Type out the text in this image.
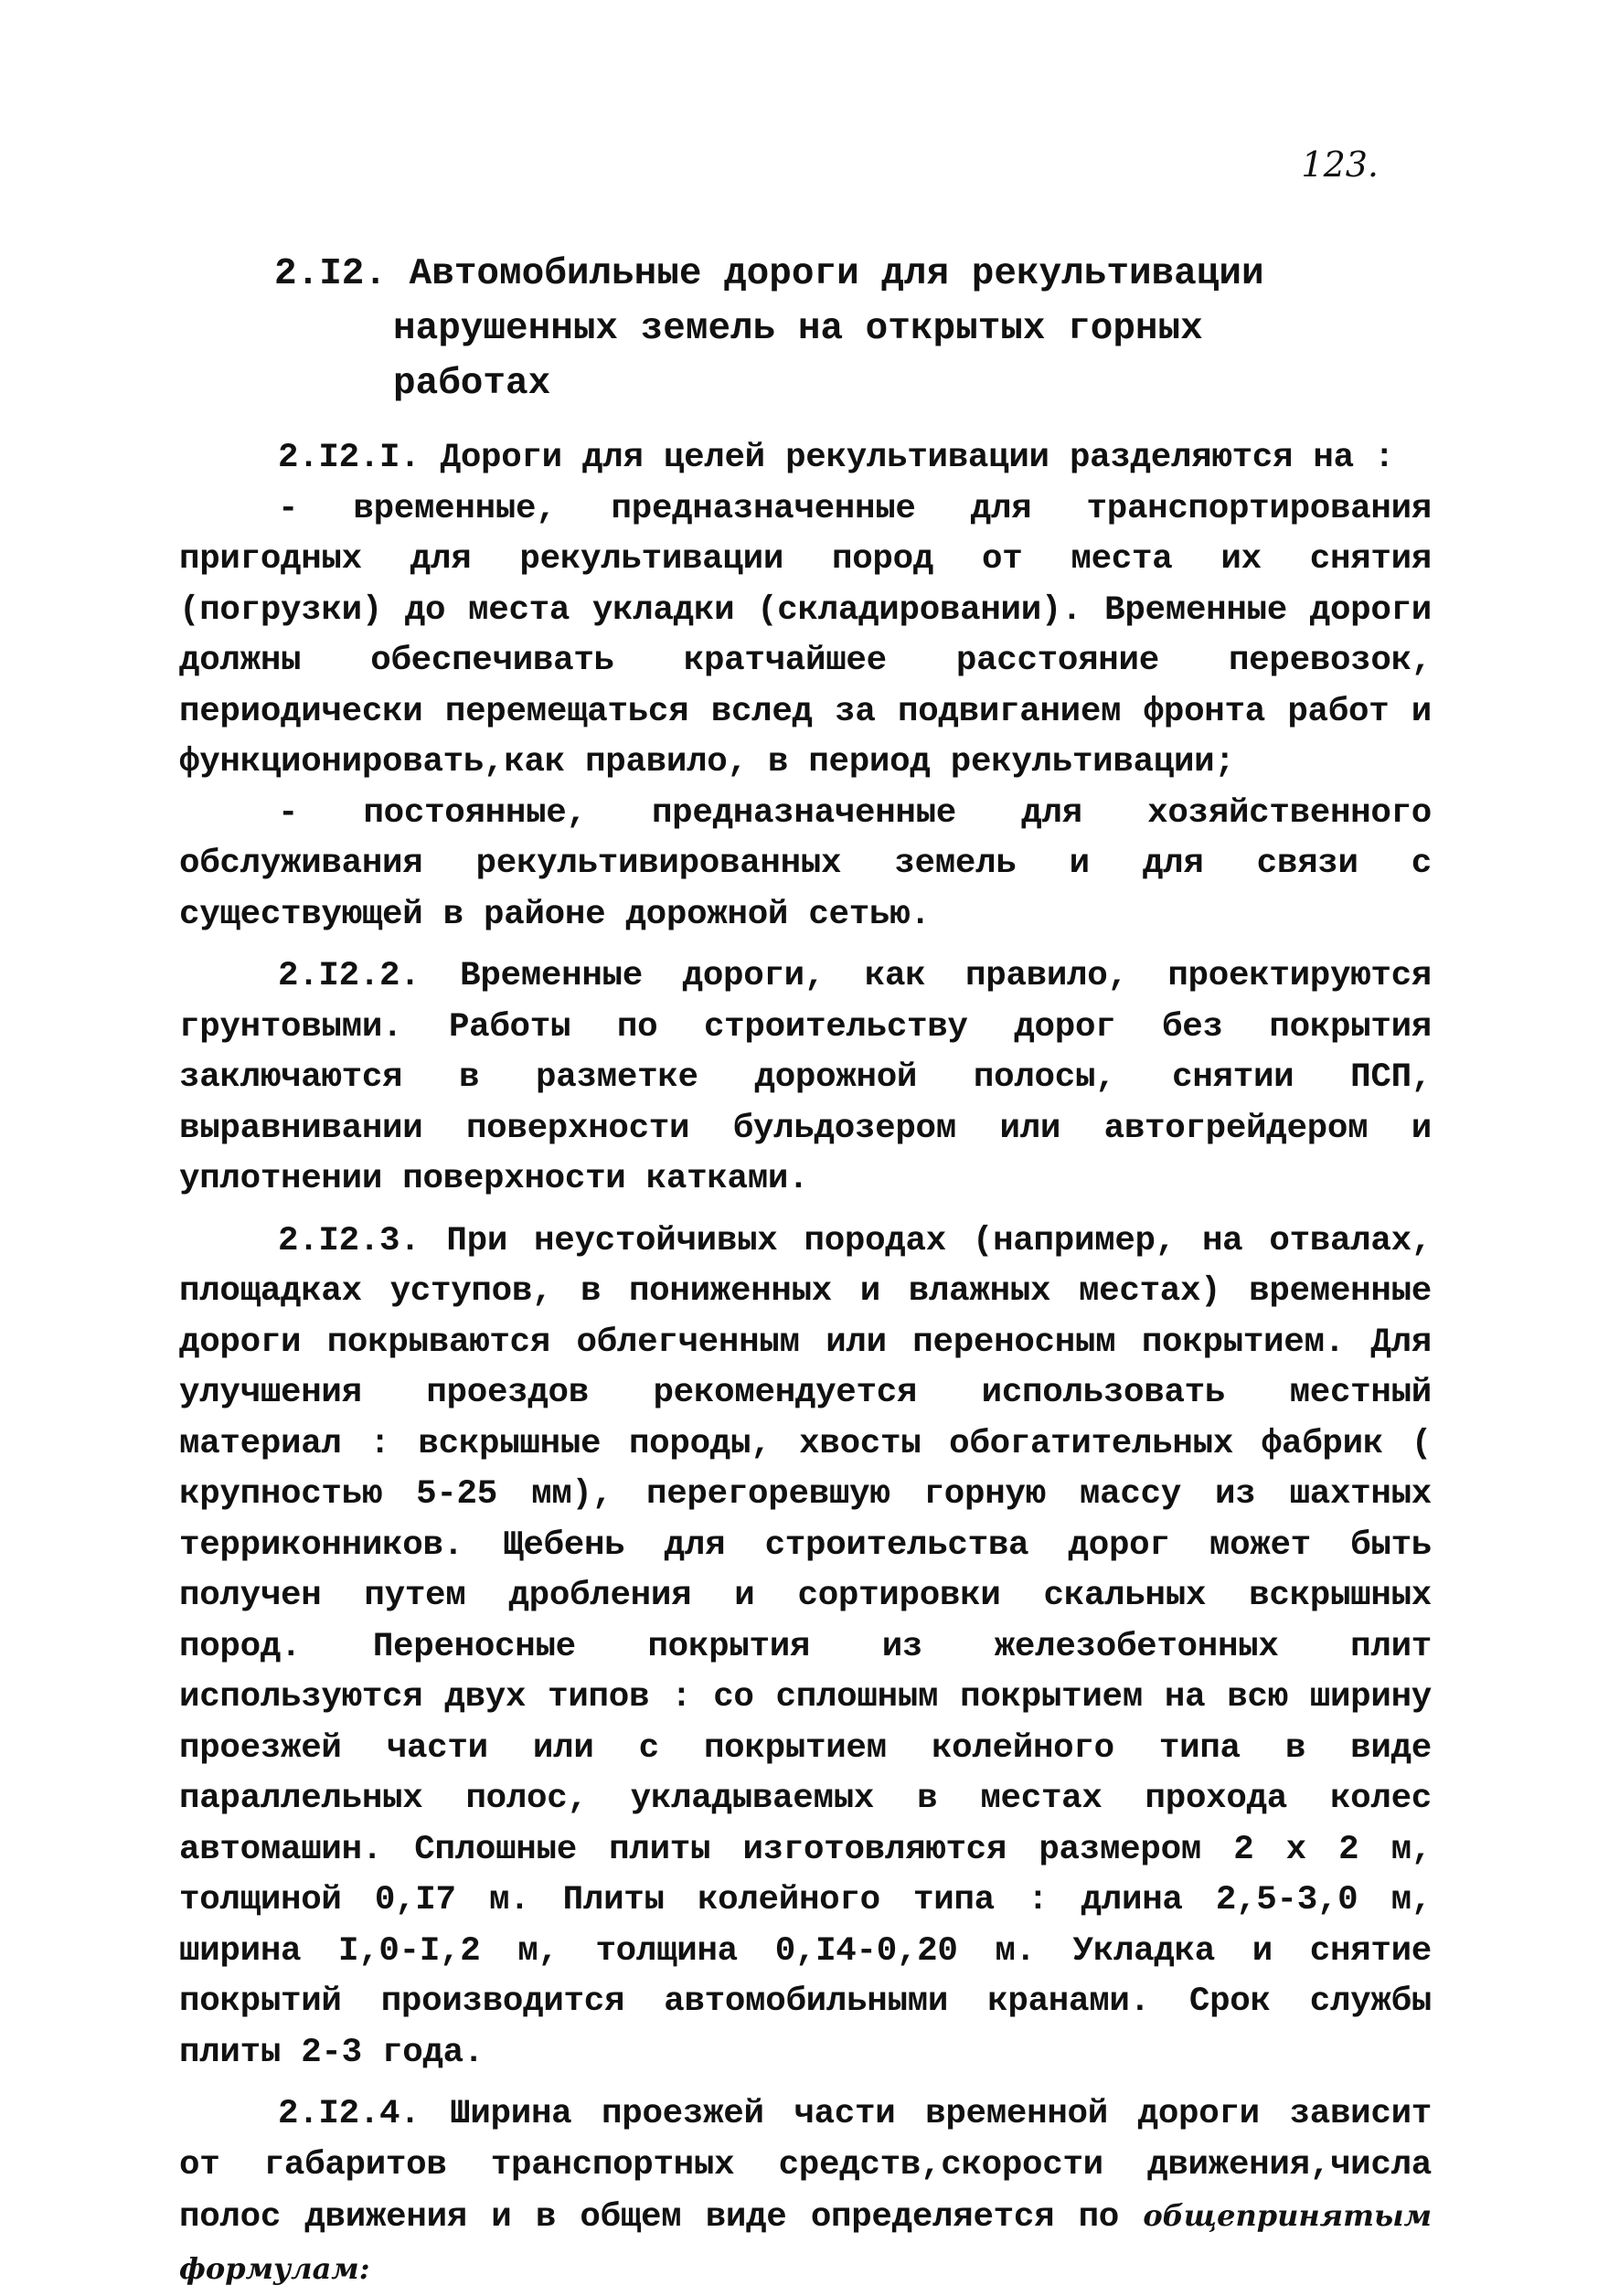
123.
2.I2. Автомобильные дороги для рекультивации
нарушенных земель на открытых горных работах

2.I2.I. Дороги для целей рекультивации разделяются на :

- временные, предназначенные для транспортирования пригодных для рекультивации пород от места их снятия (погрузки) до места укладки (складировании). Временные дороги должны обеспечивать кратчайшее расстояние перевозок, периодически перемещаться вслед за подвиганием фронта работ и функционировать,как правило, в период рекультивации;

- постоянные, предназначенные для хозяйственного обслуживания рекультивированных земель и для связи с существующей в районе дорожной сетью.

2.I2.2. Временные дороги, как правило, проектируются грунтовыми. Работы по строительству дорог без покрытия заключаются в разметке дорожной полосы, снятии ПСП, выравнивании поверхности бульдозером или автогрейдером и уплотнении поверхности катками.

2.I2.3. При неустойчивых породах (например, на отвалах, площадках уступов, в пониженных и влажных местах) временные дороги покрываются облегченным или переносным покрытием. Для улучшения проездов рекомендуется использовать местный материал : вскрышные породы, хвосты обогатительных фабрик ( крупностью 5-25 мм), перегоревшую горную массу из шахтных терриконников. Щебень для строительства дорог может быть получен путем дробления и сортировки скальных вскрышных пород. Переносные покрытия из железобетонных плит используются двух типов : со сплошным покрытием на всю ширину проезжей части или с покрытием колейного типа в виде параллельных полос, укладываемых в местах прохода колес автомашин. Сплошные плиты изготовляются размером 2 х 2 м, толщиной 0,I7 м. Плиты колейного типа : длина 2,5-3,0 м, ширина I,0-I,2 м, толщина 0,I4-0,20 м. Укладка и снятие покрытий производится автомобильными кранами. Срок службы плиты 2-3 года.

2.I2.4. Ширина проезжей части временной дороги зависит от габаритов транспортных средств,скорости движения,числа полос движения и в общем виде определяется по общепринятым формулам:
